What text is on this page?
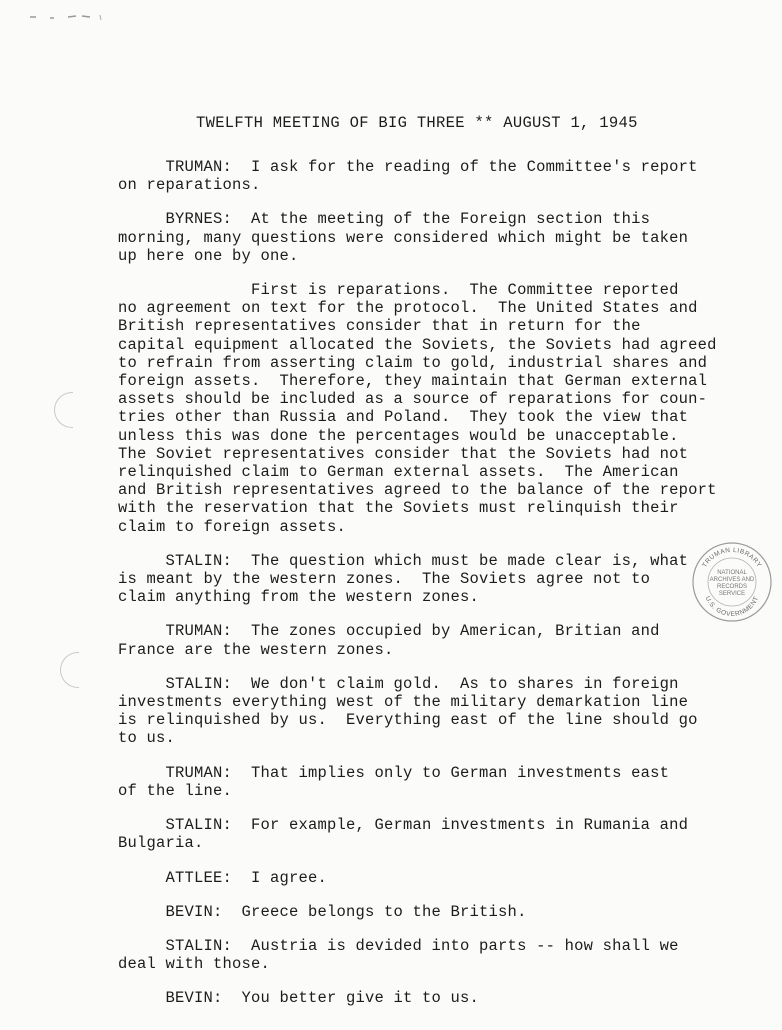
TWELFTH MEETING OF BIG THREE ** AUGUST 1, 1945
TRUMAN:  I ask for the reading of the Committee's report
on reparations.
BYRNES:  At the meeting of the Foreign section this
morning, many questions were considered which might be taken
up here one by one.
First is reparations.  The Committee reported
no agreement on text for the protocol.  The United States and
British representatives consider that in return for the
capital equipment allocated the Soviets, the Soviets had agreed
to refrain from asserting claim to gold, industrial shares and
foreign assets.  Therefore, they maintain that German external
assets should be included as a source of reparations for coun-
tries other than Russia and Poland.  They took the view that
unless this was done the percentages would be unacceptable.
The Soviet representatives consider that the Soviets had not
relinquished claim to German external assets.  The American
and British representatives agreed to the balance of the report
with the reservation that the Soviets must relinquish their
claim to foreign assets.
STALIN:  The question which must be made clear is, what
is meant by the western zones.  The Soviets agree not to
claim anything from the western zones.
TRUMAN:  The zones occupied by American, Britian and
France are the western zones.
STALIN:  We don't claim gold.  As to shares in foreign
investments everything west of the military demarkation line
is relinquished by us.  Everything east of the line should go
to us.
TRUMAN:  That implies only to German investments east
of the line.
STALIN:  For example, German investments in Rumania and
Bulgaria.
ATTLEE:  I agree.
BEVIN:  Greece belongs to the British.
STALIN:  Austria is devided into parts -- how shall we
deal with those.
BEVIN:  You better give it to us.
TRUMAN LIBRARY
U.S. GOVERNMENT
NATIONAL
ARCHIVES AND
RECORDS
SERVICE
